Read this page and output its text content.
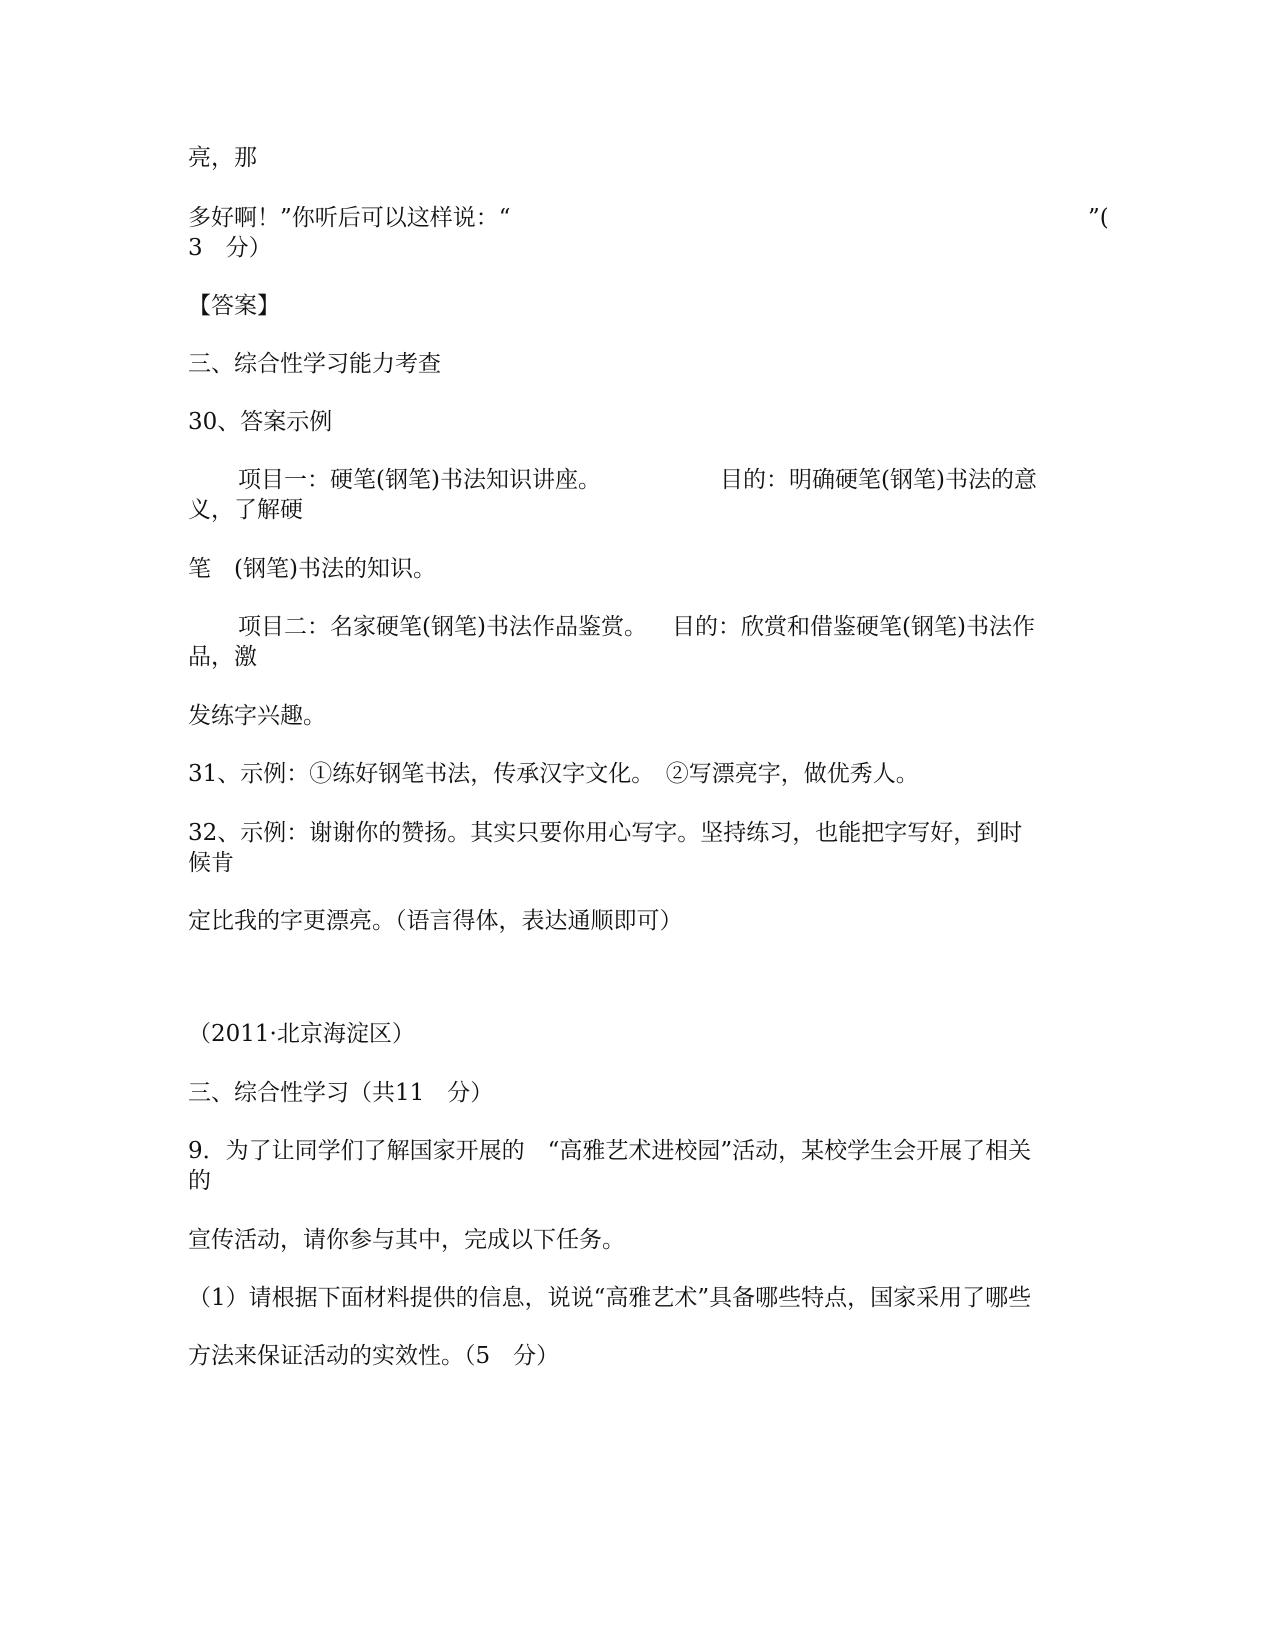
亮，那

多好啊！”你听后可以这样说：“	”(

3　分）

【答案】

三、综合性学习能力考查

30、答案示例

项目一：硬笔(钢笔)书法知识讲座。	目的：明确硬笔(钢笔)书法的意

义，了解硬

笔　(钢笔)书法的知识。

项目二：名家硬笔(钢笔)书法作品鉴赏。 目的：欣赏和借鉴硬笔(钢笔)书法作

品，激

发练字兴趣。

31、示例：①练好钢笔书法，传承汉字文化。　②写漂亮字，做优秀人。

32、示例：谢谢你的赞扬。其实只要你用心写字。坚持练习，也能把字写好，到时

候肯

定比我的字更漂亮。（语言得体，表达通顺即可）

（2011·北京海淀区）

三、综合性学习（共11　分）

9．为了让同学们了解国家开展的　“高雅艺术进校园”活动，某校学生会开展了相关

的

宣传活动，请你参与其中，完成以下任务。

（1）请根据下面材料提供的信息，说说“高雅艺术”具备哪些特点，国家采用了哪些

方法来保证活动的实效性。（5　分）
